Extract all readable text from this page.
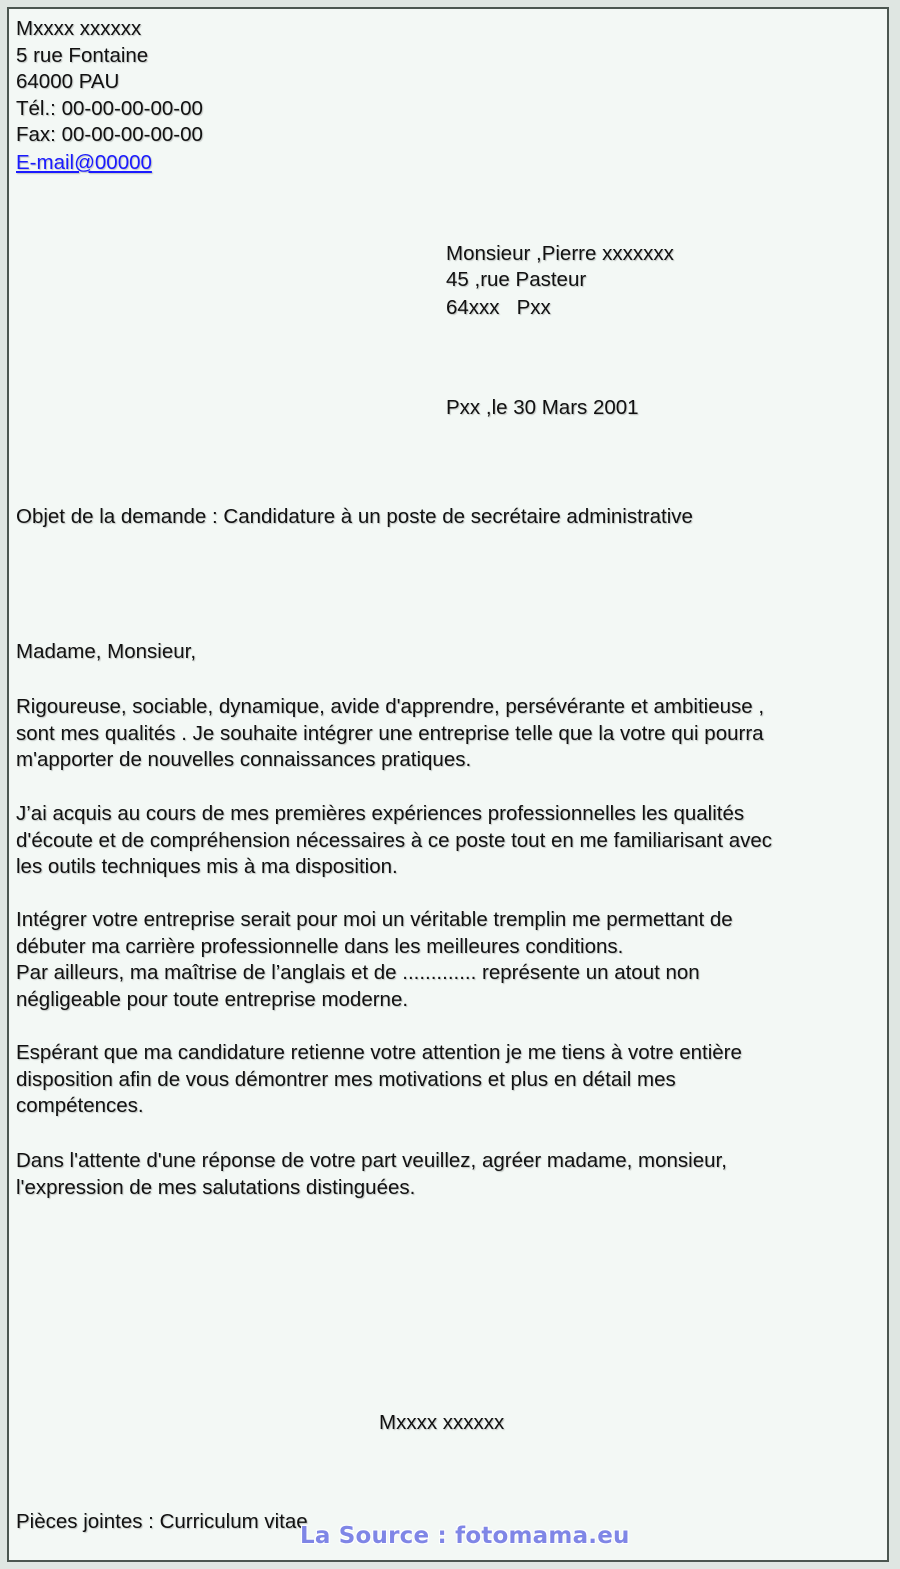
Mxxxx xxxxxx
5 rue Fontaine
64000 PAU
Tél.: 00-00-00-00-00
Fax: 00-00-00-00-00
E-mail@00000
Monsieur ,Pierre xxxxxxx
45 ,rue Pasteur
64xxx   Pxx
Pxx ,le 30 Mars 2001
Objet de la demande : Candidature à un poste de secrétaire administrative
Madame, Monsieur,
Rigoureuse, sociable, dynamique, avide d'apprendre, persévérante et ambitieuse ,
sont mes qualités . Je souhaite intégrer une entreprise telle que la votre qui pourra
m'apporter de nouvelles connaissances pratiques.
J’ai acquis au cours de mes premières expériences professionnelles les qualités
d'écoute et de compréhension nécessaires à ce poste tout en me familiarisant avec
les outils techniques mis à ma disposition.
Intégrer votre entreprise serait pour moi un véritable tremplin me permettant de
débuter ma carrière professionnelle dans les meilleures conditions.
Par ailleurs, ma maîtrise de l’anglais et de ............. représente un atout non
négligeable pour toute entreprise moderne.
Espérant que ma candidature retienne votre attention je me tiens à votre entière
disposition afin de vous démontrer mes motivations et plus en détail mes
compétences.
Dans l'attente d'une réponse de votre part veuillez, agréer madame, monsieur,
l'expression de mes salutations distinguées.
Mxxxx xxxxxx
Pièces jointes : Curriculum vitae
La Source : fotomama.eu
